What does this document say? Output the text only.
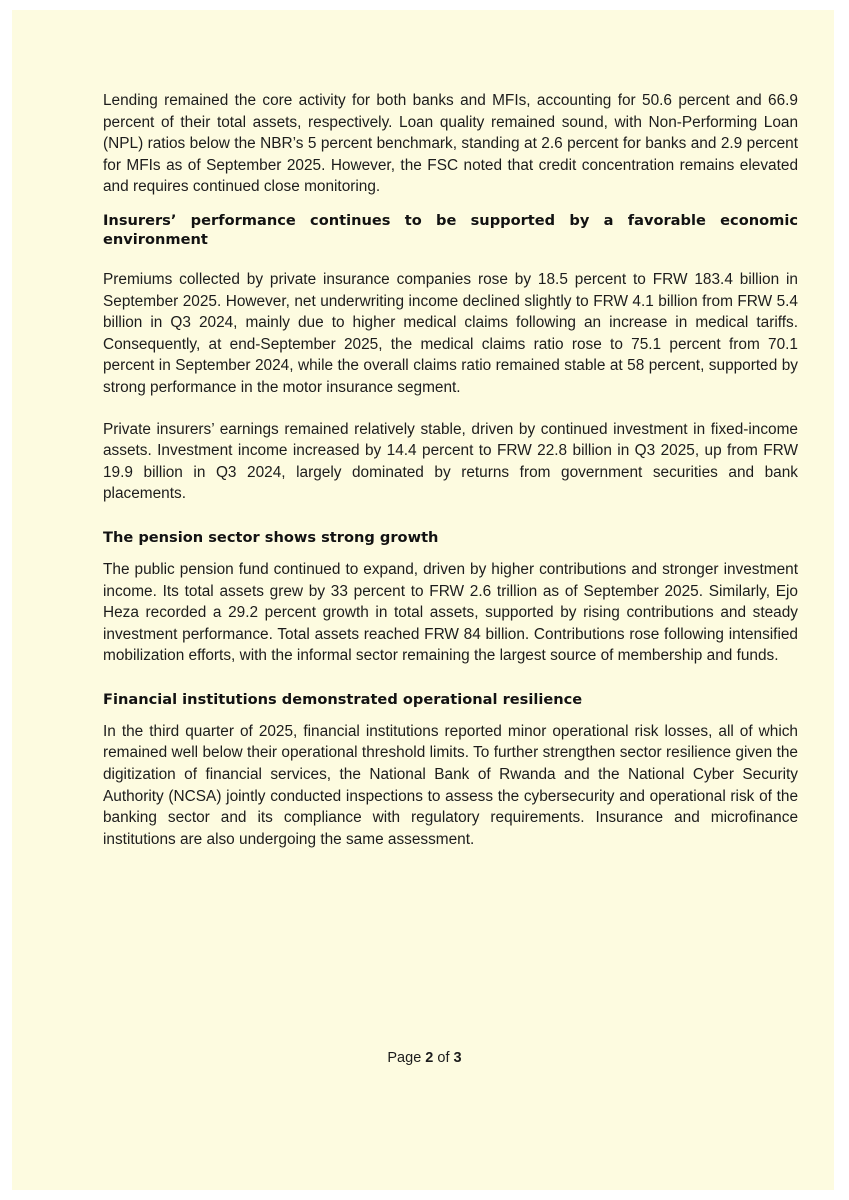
Lending remained the core activity for both banks and MFIs, accounting for 50.6 percent and 66.9 percent of their total assets, respectively. Loan quality remained sound, with Non-Performing Loan (NPL) ratios below the NBR’s 5 percent benchmark, standing at 2.6 percent for banks and 2.9 percent for MFIs as of September 2025. However, the FSC noted that credit concentration remains elevated and requires continued close monitoring.

Insurers’ performance continues to be supported by a favorable economic environment

Premiums collected by private insurance companies rose by 18.5 percent to FRW 183.4 billion in September 2025. However, net underwriting income declined slightly to FRW 4.1 billion from FRW 5.4 billion in Q3 2024, mainly due to higher medical claims following an increase in medical tariffs. Consequently, at end-September 2025, the medical claims ratio rose to 75.1 percent from 70.1 percent in September 2024, while the overall claims ratio remained stable at 58 percent, supported by strong performance in the motor insurance segment.

Private insurers’ earnings remained relatively stable, driven by continued investment in fixed-income assets. Investment income increased by 14.4 percent to FRW 22.8 billion in Q3 2025, up from FRW 19.9 billion in Q3 2024, largely dominated by returns from government securities and bank placements.

The pension sector shows strong growth

The public pension fund continued to expand, driven by higher contributions and stronger investment income. Its total assets grew by 33 percent to FRW 2.6 trillion as of September 2025. Similarly, Ejo Heza recorded a 29.2 percent growth in total assets, supported by rising contributions and steady investment performance. Total assets reached FRW 84 billion. Contributions rose following intensified mobilization efforts, with the informal sector remaining the largest source of membership and funds.

Financial institutions demonstrated operational resilience

In the third quarter of 2025, financial institutions reported minor operational risk losses, all of which remained well below their operational threshold limits. To further strengthen sector resilience given the digitization of financial services, the National Bank of Rwanda and the National Cyber Security Authority (NCSA) jointly conducted inspections to assess the cybersecurity and operational risk of the banking sector and its compliance with regulatory requirements. Insurance and microfinance institutions are also undergoing the same assessment.

Page 2 of 3
